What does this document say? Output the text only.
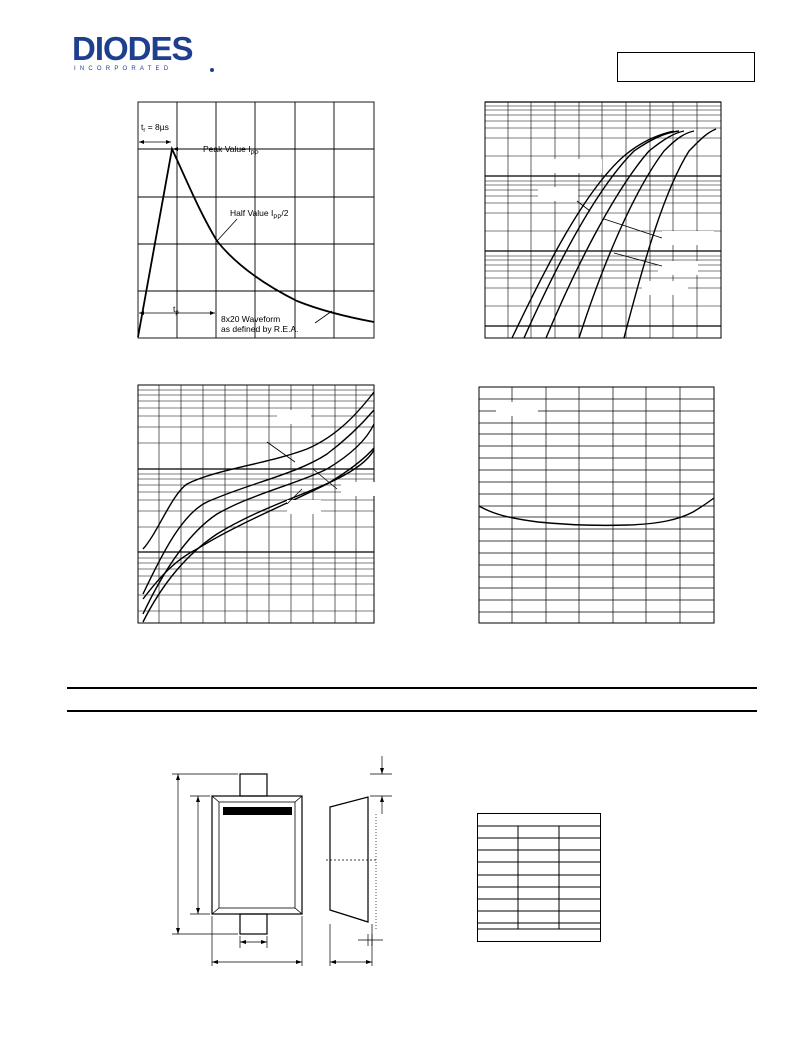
DIODES
INCORPORATED
$t_r = 8\mu s$
Peak Value $I_{PP}$
Half Value $I_{PP}/2$
$t_p$
8x20 Waveform
as defined by R.E.A.
